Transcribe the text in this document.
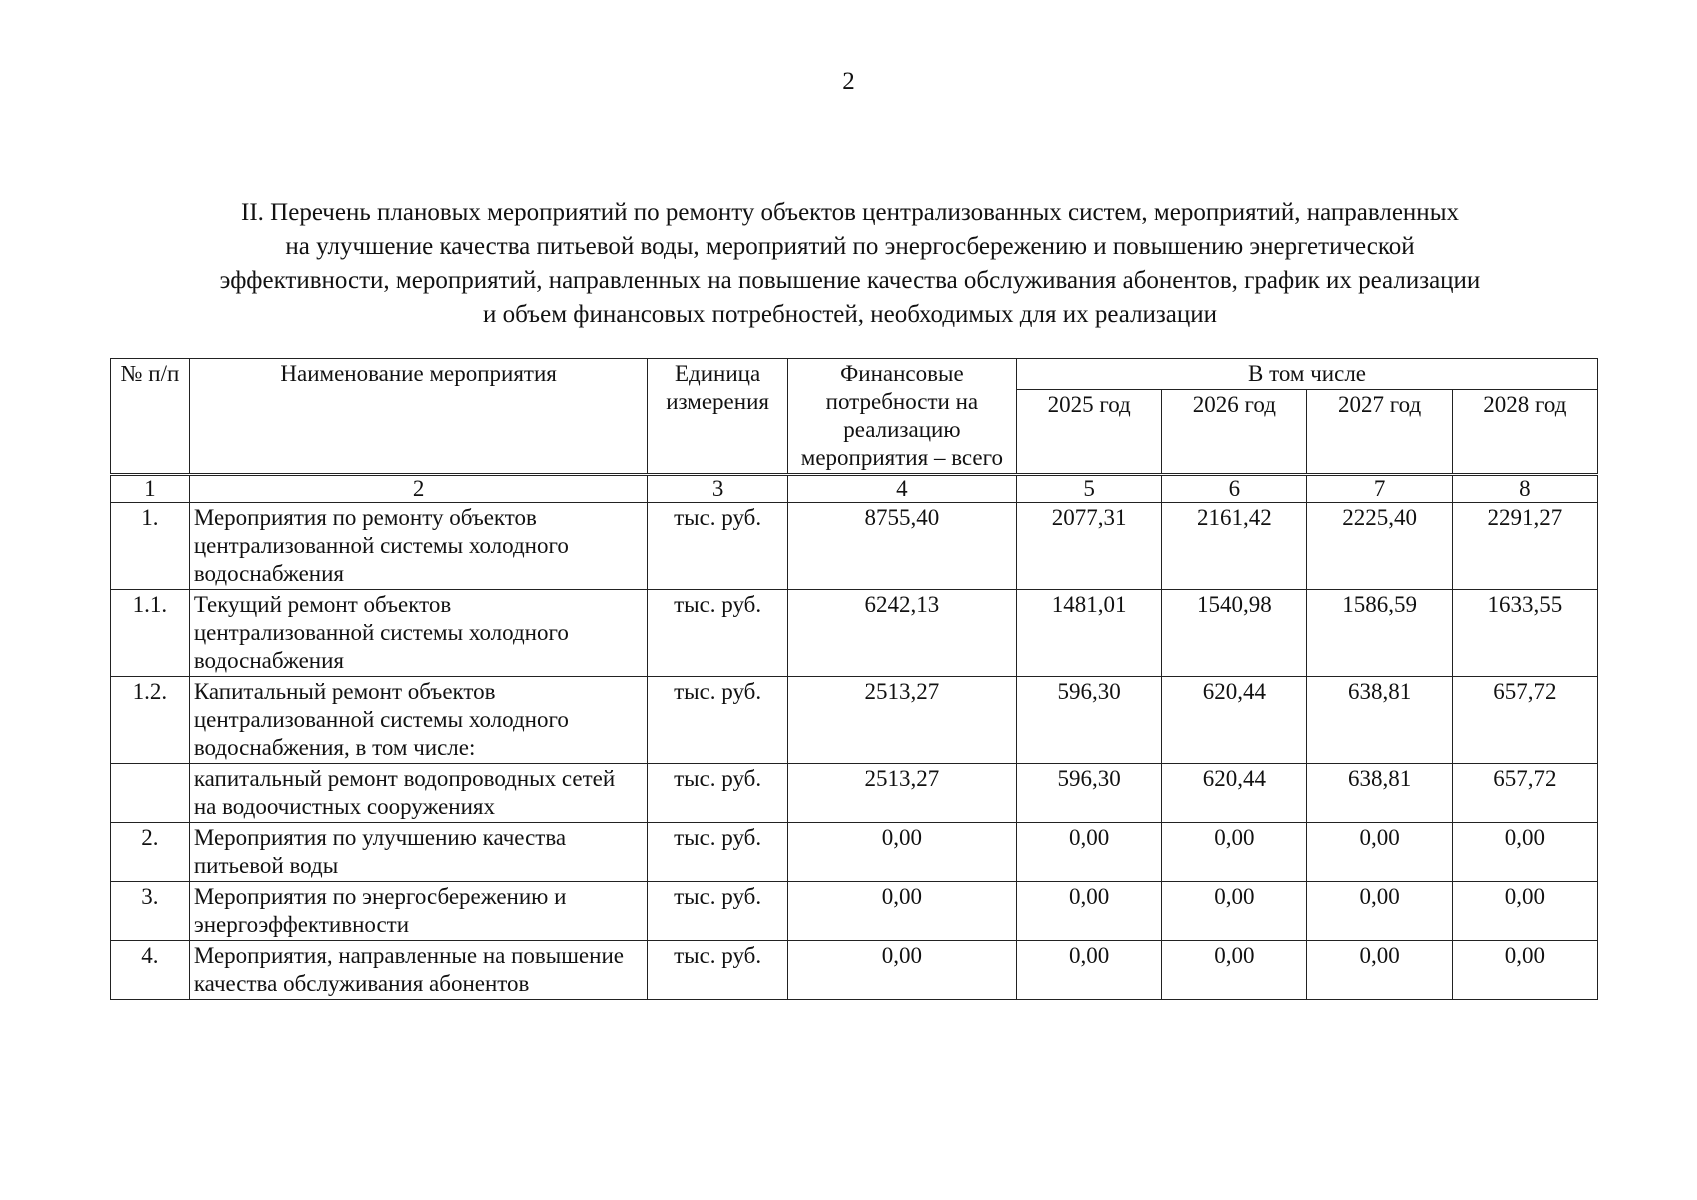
2
II. Перечень плановых мероприятий по ремонту объектов централизованных систем, мероприятий, направленных
на улучшение качества питьевой воды, мероприятий по энергосбережению и повышению энергетической
эффективности, мероприятий, направленных на повышение качества обслуживания абонентов, график их реализации
и объем финансовых потребностей, необходимых для их реализации
№ п/п	Наименование мероприятия	Единица измерения	Финансовые потребности на реализацию мероприятия – всего	В том числе			
				2025 год	2026 год	2027 год	2028 год
1	2	3	4	5	6	7	8
1.	Мероприятия по ремонту объектов
централизованной системы холодного
водоснабжения	тыс. руб.	8755,40	2077,31	2161,42	2225,40	2291,27
1.1.	Текущий ремонт объектов
централизованной системы холодного
водоснабжения	тыс. руб.	6242,13	1481,01	1540,98	1586,59	1633,55
1.2.	Капитальный ремонт объектов
централизованной системы холодного
водоснабжения, в том числе:	тыс. руб.	2513,27	596,30	620,44	638,81	657,72

	капитальный ремонт водопроводных сетей
на водоочистных сооружениях	тыс. руб.	2513,27	596,30	620,44	638,81	657,72
2.	Мероприятия по улучшению качества
питьевой воды	тыс. руб.	0,00	0,00	0,00	0,00	0,00
3.	Мероприятия по энергосбережению и
энергоэффективности	тыс. руб.	0,00	0,00	0,00	0,00	0,00
4.	Мероприятия, направленные на повышение
качества обслуживания абонентов	тыс. руб.	0,00	0,00	0,00	0,00	0,00
